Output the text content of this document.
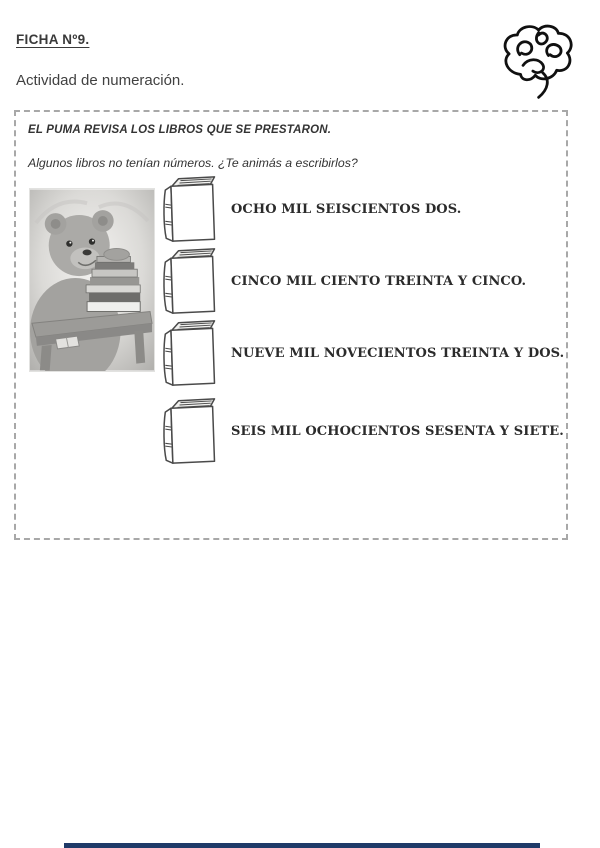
FICHA Nº9.
Actividad de numeración.
EL PUMA REVISA LOS LIBROS QUE SE PRESTARON.
Algunos libros no tenían números. ¿Te animás a escribirlos?
OCHO MIL SEISCIENTOS DOS.
CINCO MIL CIENTO TREINTA Y CINCO.
NUEVE MIL NOVECIENTOS TREINTA Y DOS.
SEIS MIL OCHOCIENTOS SESENTA Y SIETE.
